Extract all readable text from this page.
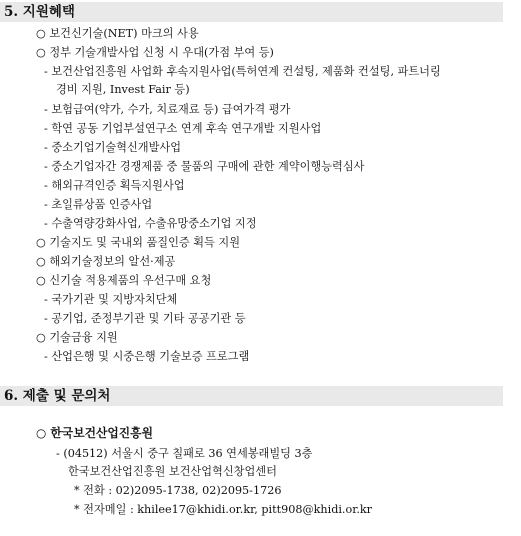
5. 지원혜택
○ 보건신기술(NET) 마크의 사용
○ 정부 기술개발사업 신청 시 우대(가점 부여 등)
- 보건산업진흥원 사업화 후속지원사업(특허연계 컨설팅, 제품화 컨설팅, 파트너링
경비 지원, Invest Fair 등)
- 보험급여(약가, 수가, 치료재료 등) 급여가격 평가
- 학연 공동 기업부설연구소 연계 후속 연구개발 지원사업
- 중소기업기술혁신개발사업
- 중소기업자간 경쟁제품 중 물품의 구매에 관한 계약이행능력심사
- 해외규격인증 획득지원사업
- 초일류상품 인증사업
- 수출역량강화사업, 수출유망중소기업 지정
○ 기술지도 및 국내외 품질인증 획득 지원
○ 해외기술정보의 알선·제공
○ 신기술 적용제품의 우선구매 요청
- 국가기관 및 지방자치단체
- 공기업, 준정부기관 및 기타 공공기관 등
○ 기술금융 지원
- 산업은행 및 시중은행 기술보증 프로그램
6. 제출 및 문의처
○ 한국보건산업진흥원
- (04512) 서울시 중구 칠패로 36 연세봉래빌딩 3층
한국보건산업진흥원 보건산업혁신창업센터
* 전화 : 02)2095-1738, 02)2095-1726
* 전자메일 : khilee17@khidi.or.kr, pitt908@khidi.or.kr
